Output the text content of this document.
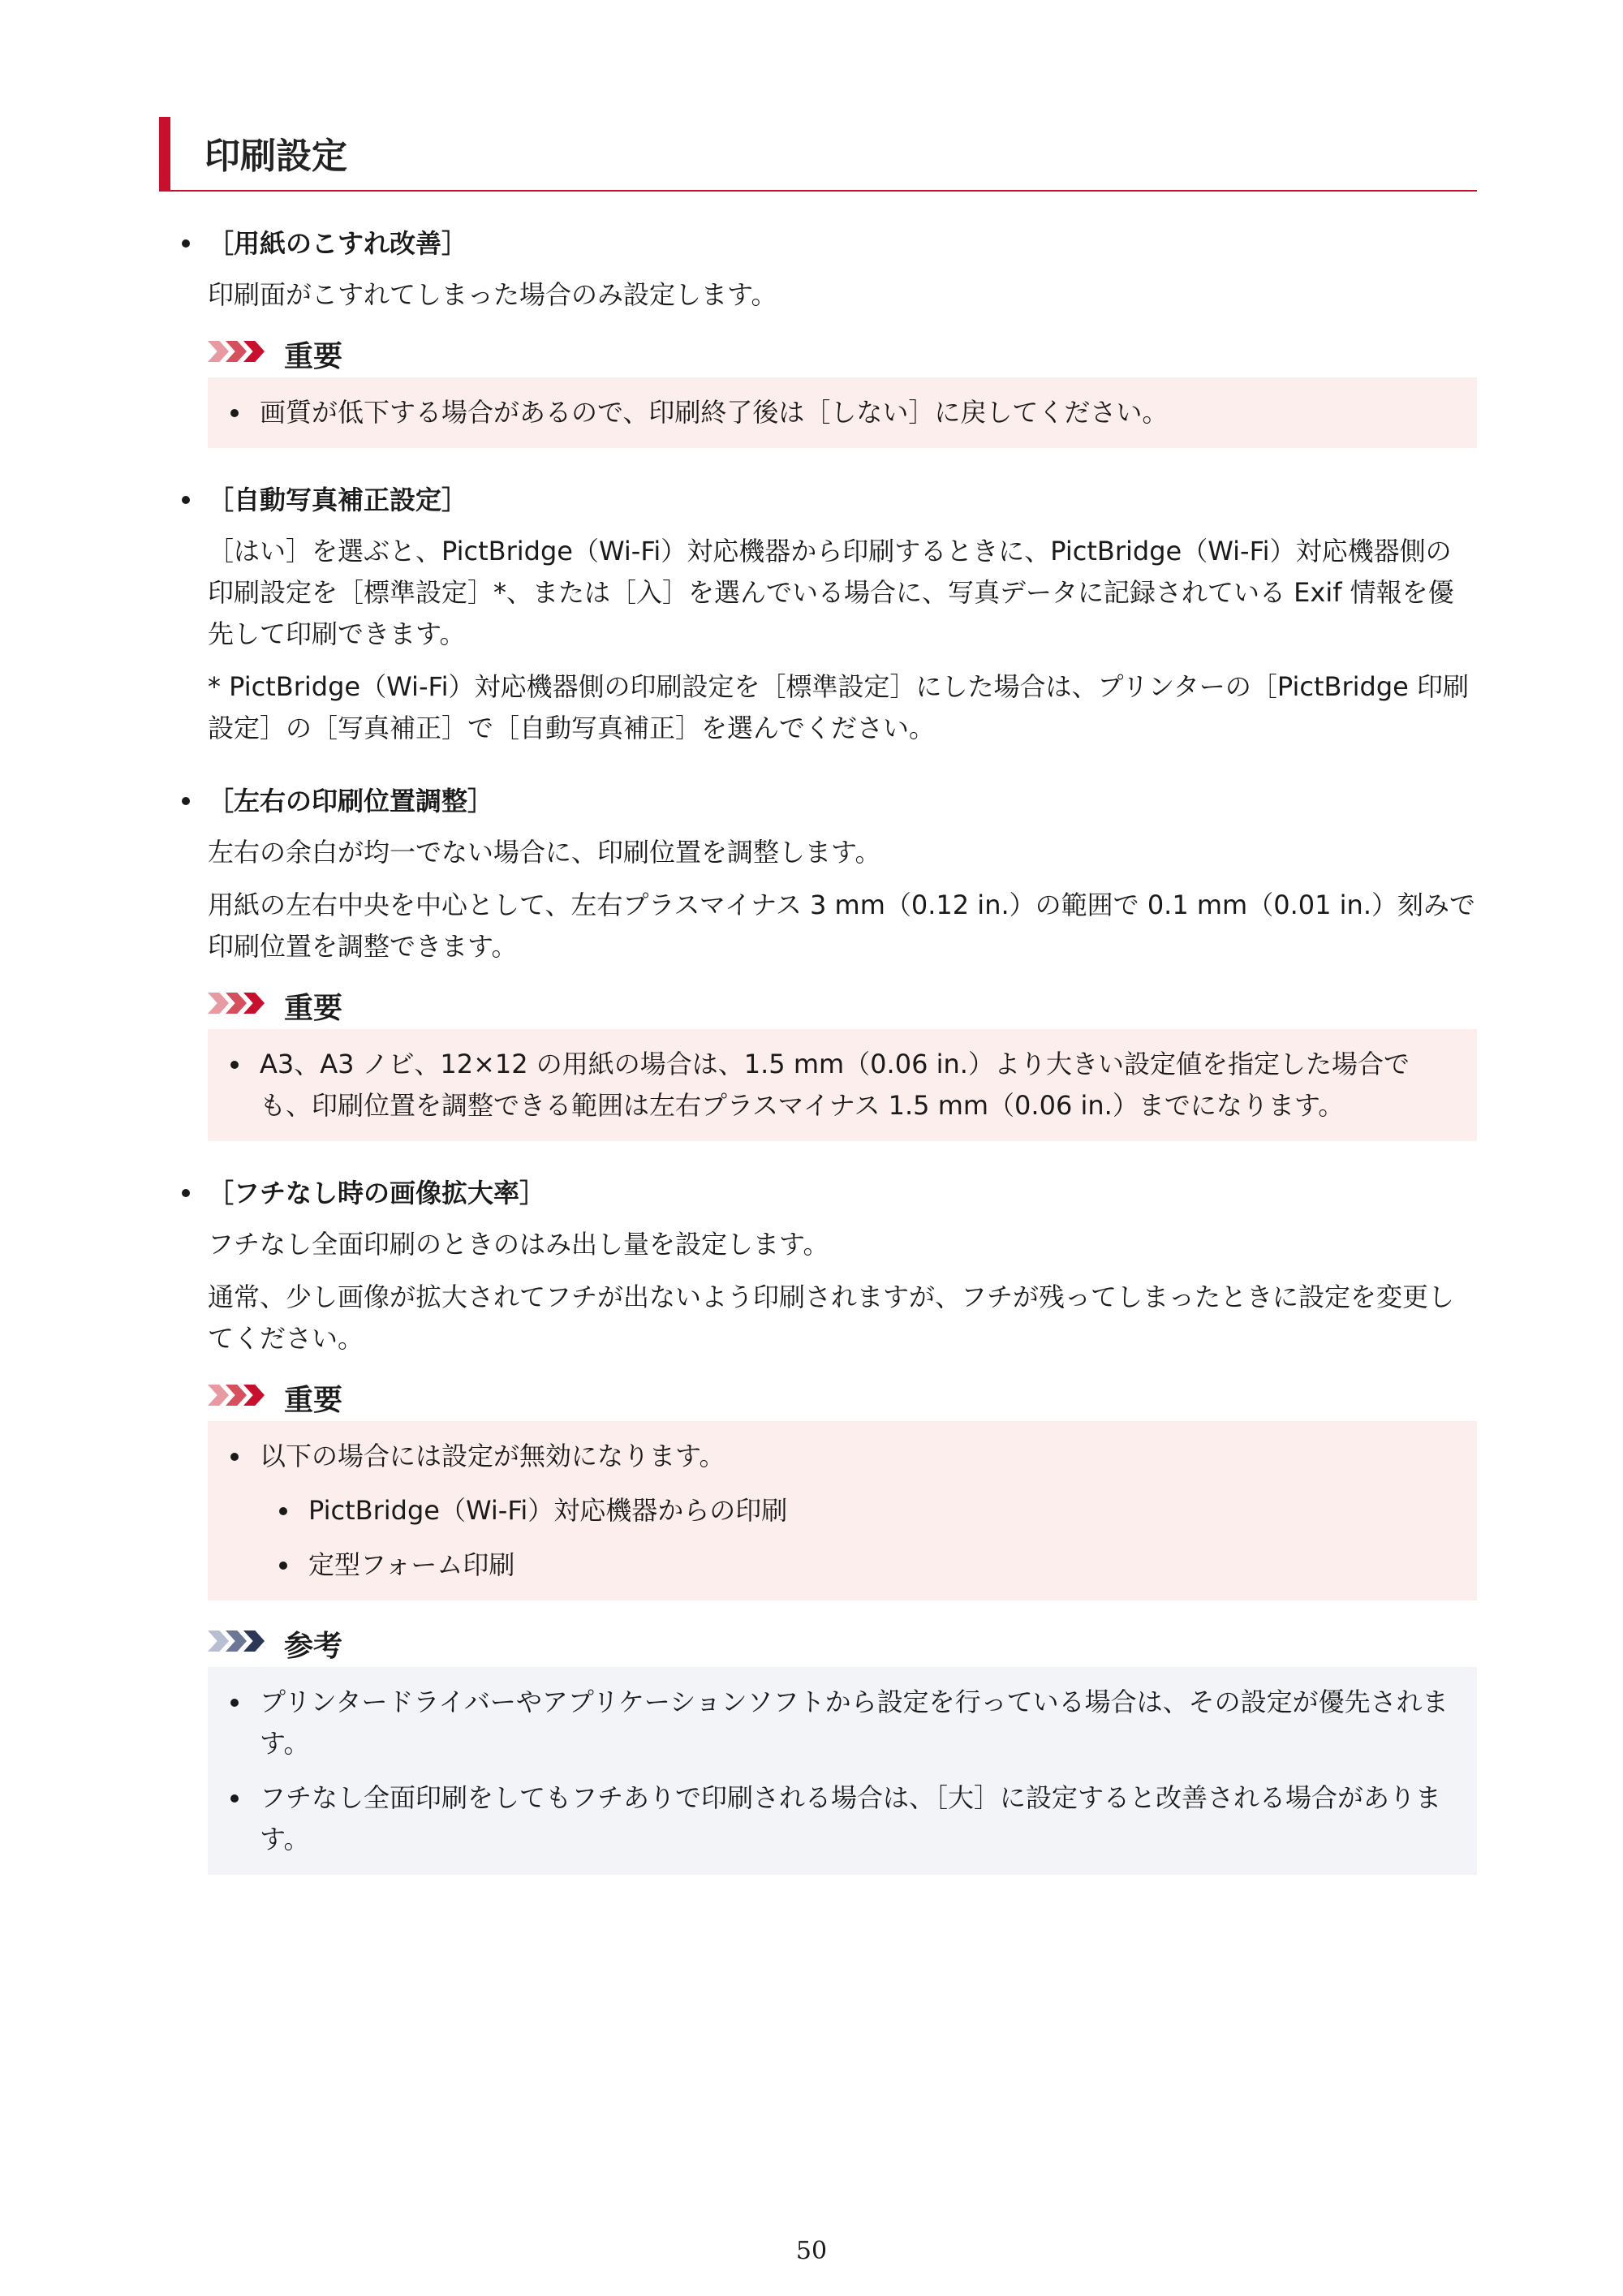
印刷設定
［用紙のこすれ改善］
印刷面がこすれてしまった場合のみ設定します。
重要
画質が低下する場合があるので、印刷終了後は［しない］に戻してください。
［自動写真補正設定］
［はい］を選ぶと、PictBridge（Wi-Fi）対応機器から印刷するときに、PictBridge（Wi-Fi）対応機器側の印刷設定を［標準設定］*、または［入］を選んでいる場合に、写真データに記録されている Exif 情報を優先して印刷できます。
* PictBridge（Wi-Fi）対応機器側の印刷設定を［標準設定］にした場合は、プリンターの［PictBridge 印刷設定］の［写真補正］で［自動写真補正］を選んでください。
［左右の印刷位置調整］
左右の余白が均一でない場合に、印刷位置を調整します。
用紙の左右中央を中心として、左右プラスマイナス 3 mm（0.12 in.）の範囲で 0.1 mm（0.01 in.）刻みで印刷位置を調整できます。
重要
A3、A3 ノビ、12×12 の用紙の場合は、1.5 mm（0.06 in.）より大きい設定値を指定した場合でも、印刷位置を調整できる範囲は左右プラスマイナス 1.5 mm（0.06 in.）までになります。
［フチなし時の画像拡大率］
フチなし全面印刷のときのはみ出し量を設定します。
通常、少し画像が拡大されてフチが出ないよう印刷されますが、フチが残ってしまったときに設定を変更してください。
重要
以下の場合には設定が無効になります。
PictBridge（Wi-Fi）対応機器からの印刷
定型フォーム印刷
参考
プリンタードライバーやアプリケーションソフトから設定を行っている場合は、その設定が優先されます。
フチなし全面印刷をしてもフチありで印刷される場合は、［大］に設定すると改善される場合があります。
50
